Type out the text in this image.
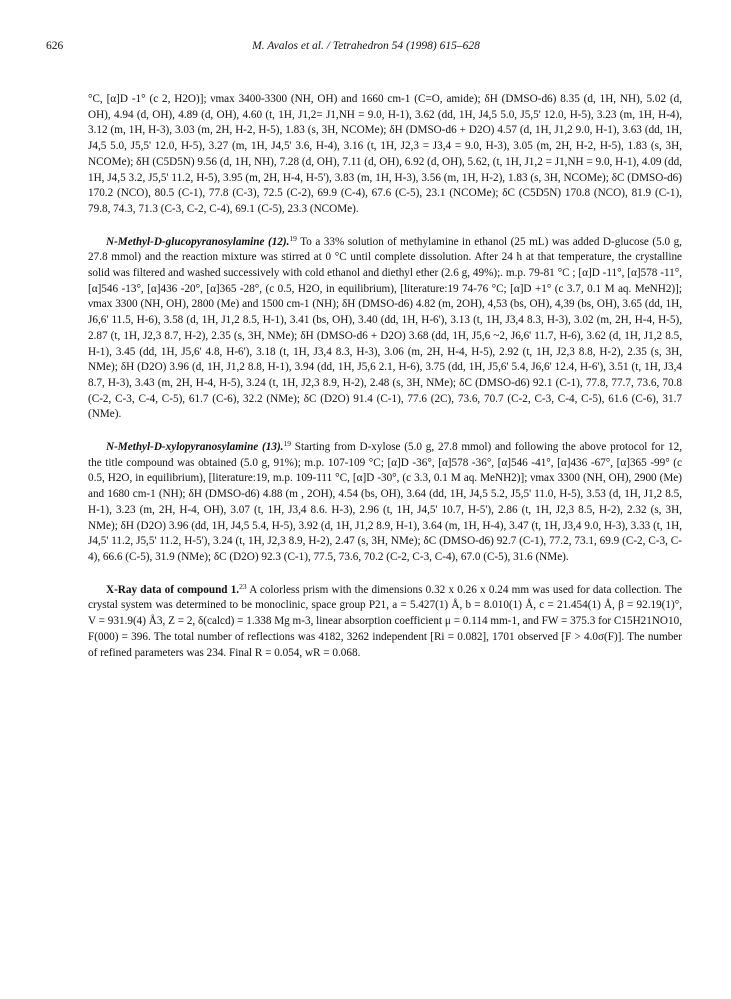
626	M. Avalos et al. / Tetrahedron 54 (1998) 615–628

°C, [α]D -1° (c 2, H2O)]; νmax 3400-3300 (NH, OH) and 1660 cm-1 (C=O, amide); δH (DMSO-d6) 8.35 (d, 1H, NH), 5.02 (d, OH), 4.94 (d, OH), 4.89 (d, OH), 4.60 (t, 1H, J1,2= J1,NH = 9.0, H-1), 3.62 (dd, 1H, J4,5 5.0, J5,5' 12.0, H-5), 3.23 (m, 1H, H-4), 3.12 (m, 1H, H-3), 3.03 (m, 2H, H-2, H-5), 1.83 (s, 3H, NCOMe); δH (DMSO-d6 + D2O) 4.57 (d, 1H, J1,2 9.0, H-1), 3.63 (dd, 1H, J4,5 5.0, J5,5' 12.0, H-5), 3.27 (m, 1H, J4,5' 3.6, H-4), 3.16 (t, 1H, J2,3 = J3,4 = 9.0, H-3), 3.05 (m, 2H, H-2, H-5), 1.83 (s, 3H, NCOMe); δH (C5D5N) 9.56 (d, 1H, NH), 7.28 (d, OH), 7.11 (d, OH), 6.92 (d, OH), 5.62, (t, 1H, J1,2 = J1,NH = 9.0, H-1), 4.09 (dd, 1H, J4,5 3.2, J5,5' 11.2, H-5), 3.95 (m, 2H, H-4, H-5'), 3.83 (m, 1H, H-3), 3.56 (m, 1H, H-2), 1.83 (s, 3H, NCOMe); δC (DMSO-d6) 170.2 (NCO), 80.5 (C-1), 77.8 (C-3), 72.5 (C-2), 69.9 (C-4), 67.6 (C-5), 23.1 (NCOMe); δC (C5D5N) 170.8 (NCO), 81.9 (C-1), 79.8, 74.3, 71.3 (C-3, C-2, C-4), 69.1 (C-5), 23.3 (NCOMe).

N-Methyl-D-glucopyranosylamine (12).$^{19}$ To a 33% solution of methylamine in ethanol (25 mL) was added D-glucose (5.0 g, 27.8 mmol) and the reaction mixture was stirred at 0 °C until complete dissolution. After 24 h at that temperature, the crystalline solid was filtered and washed successively with cold ethanol and diethyl ether (2.6 g, 49%);. m.p. 79-81 °C ; [α]D -11°, [α]578 -11°, [α]546 -13°, [α]436 -20°, [α]365 -28°, (c 0.5, H2O, in equilibrium), [literature:19 74-76 °C; [α]D +1° (c 3.7, 0.1 M aq. MeNH2)]; νmax 3300 (NH, OH), 2800 (Me) and 1500 cm-1 (NH); δH (DMSO-d6) 4.82 (m, 2OH), 4,53 (bs, OH), 4,39 (bs, OH), 3.65 (dd, 1H, J6,6' 11.5, H-6), 3.58 (d, 1H, J1,2 8.5, H-1), 3.41 (bs, OH), 3.40 (dd, 1H, H-6'), 3.13 (t, 1H, J3,4 8.3, H-3), 3.02 (m, 2H, H-4, H-5), 2.87 (t, 1H, J2,3 8.7, H-2), 2.35 (s, 3H, NMe); δH (DMSO-d6 + D2O) 3.68 (dd, 1H, J5,6 ~2, J6,6' 11.7, H-6), 3.62 (d, 1H, J1,2 8.5, H-1), 3.45 (dd, 1H, J5,6' 4.8, H-6'), 3.18 (t, 1H, J3,4 8.3, H-3), 3.06 (m, 2H, H-4, H-5), 2.92 (t, 1H, J2,3 8.8, H-2), 2.35 (s, 3H, NMe); δH (D2O) 3.96 (d, 1H, J1,2 8.8, H-1), 3.94 (dd, 1H, J5,6 2.1, H-6), 3.75 (dd, 1H, J5,6' 5.4, J6,6' 12.4, H-6'), 3.51 (t, 1H, J3,4 8.7, H-3), 3.43 (m, 2H, H-4, H-5), 3.24 (t, 1H, J2,3 8.9, H-2), 2.48 (s, 3H, NMe); δC (DMSO-d6) 92.1 (C-1), 77.8, 77.7, 73.6, 70.8 (C-2, C-3, C-4, C-5), 61.7 (C-6), 32.2 (NMe); δC (D2O) 91.4 (C-1), 77.6 (2C), 73.6, 70.7 (C-2, C-3, C-4, C-5), 61.6 (C-6), 31.7 (NMe).

N-Methyl-D-xylopyranosylamine (13).$^{19}$ Starting from D-xylose (5.0 g, 27.8 mmol) and following the above protocol for 12, the title compound was obtained (5.0 g, 91%); m.p. 107-109 °C; [α]D -36°, [α]578 -36°, [α]546 -41°, [α]436 -67°, [α]365 -99° (c 0.5, H2O, in equilibrium), [literature:19, m.p. 109-111 °C, [α]D -30°, (c 3.3, 0.1 M aq. MeNH2)]; νmax 3300 (NH, OH), 2900 (Me) and 1680 cm-1 (NH); δH (DMSO-d6) 4.88 (m , 2OH), 4.54 (bs, OH), 3.64 (dd, 1H, J4,5 5.2, J5,5' 11.0, H-5), 3.53 (d, 1H, J1,2 8.5, H-1), 3.23 (m, 2H, H-4, OH), 3.07 (t, 1H, J3,4 8.6. H-3), 2.96 (t, 1H, J4,5' 10.7, H-5'), 2.86 (t, 1H, J2,3 8.5, H-2), 2.32 (s, 3H, NMe); δH (D2O) 3.96 (dd, 1H, J4,5 5.4, H-5), 3.92 (d, 1H, J1,2 8.9, H-1), 3.64 (m, 1H, H-4), 3.47 (t, 1H, J3,4 9.0, H-3), 3.33 (t, 1H, J4,5' 11.2, J5,5' 11.2, H-5'), 3.24 (t, 1H, J2,3 8.9, H-2), 2.47 (s, 3H, NMe); δC (DMSO-d6) 92.7 (C-1), 77.2, 73.1, 69.9 (C-2, C-3, C-4), 66.6 (C-5), 31.9 (NMe); δC (D2O) 92.3 (C-1), 77.5, 73.6, 70.2 (C-2, C-3, C-4), 67.0 (C-5), 31.6 (NMe).

X-Ray data of compound 1.23 A colorless prism with the dimensions 0.32 x 0.26 x 0.24 mm was used for data collection. The crystal system was determined to be monoclinic, space group P21, a = 5.427(1) Å, b = 8.010(1) Å, c = 21.454(1) Å, β = 92.19(1)°, V = 931.9(4) Å3, Z = 2, δ(calcd) = 1.338 Mg m-3, linear absorption coefficient μ = 0.114 mm-1, and FW = 375.3 for C15H21NO10, F(000) = 396. The total number of reflections was 4182, 3262 independent [Ri = 0.082], 1701 observed [F > 4.0σ(F)]. The number of refined parameters was 234. Final R = 0.054, wR = 0.068.
